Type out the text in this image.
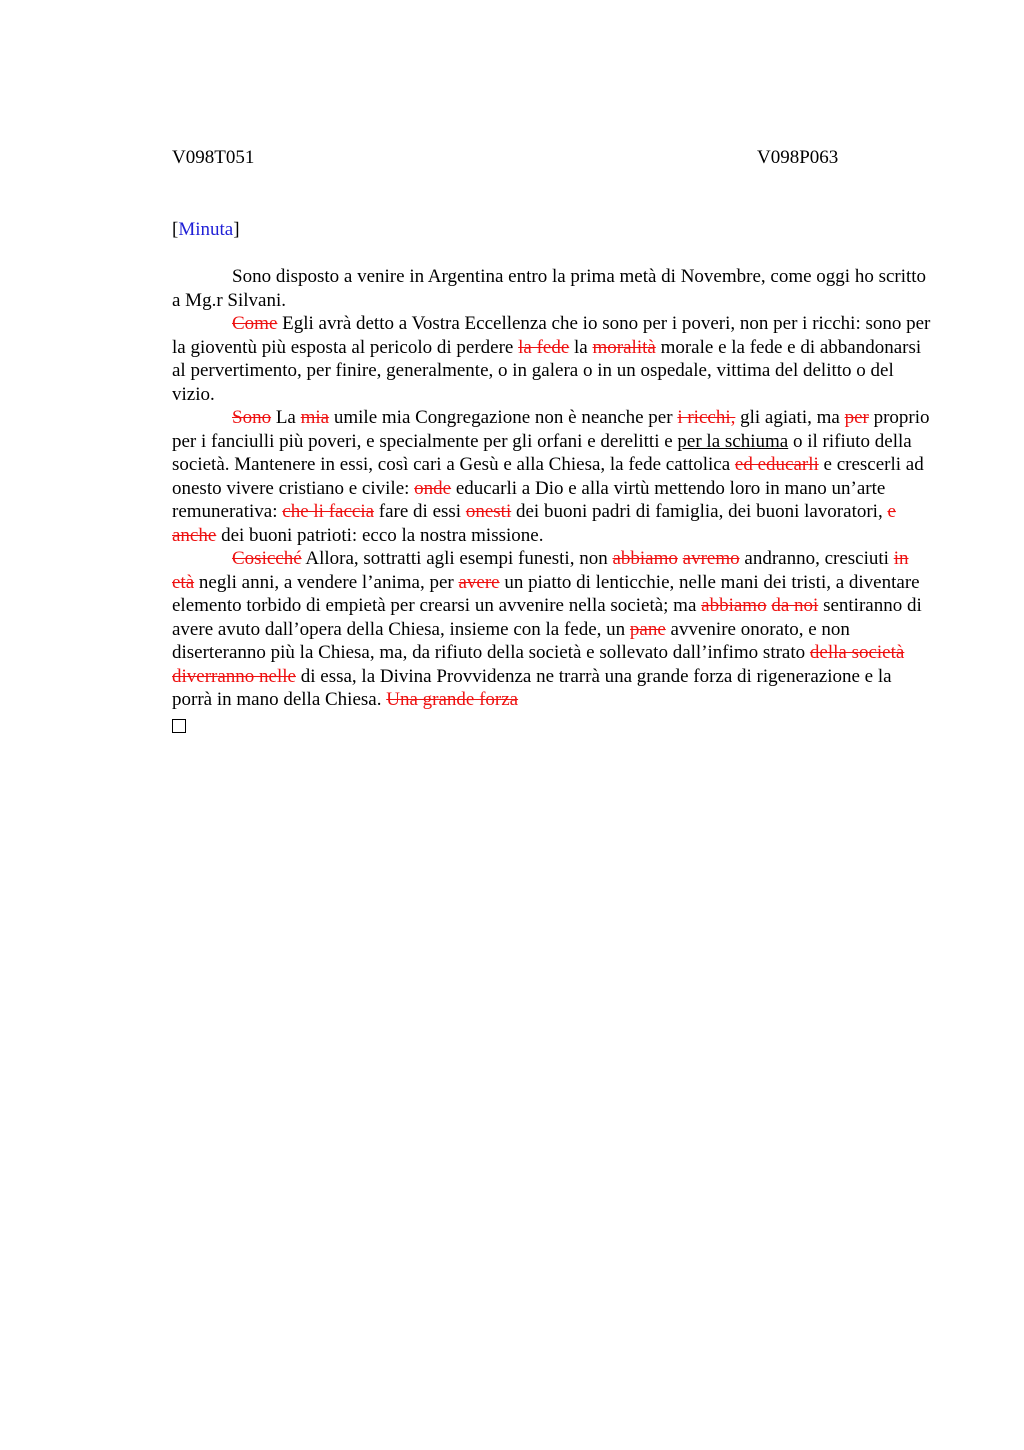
V098T051	V098P063
[Minuta]

Sono disposto a venire in Argentina entro la prima metà di Novembre, come oggi ho scritto a Mg.r Silvani.

Come Egli avrà detto a Vostra Eccellenza che io sono per i poveri, non per i ricchi: sono per la gioventù più esposta al pericolo di perdere la fede la moralità morale e la fede e di abbandonarsi al pervertimento, per finire, generalmente, o in galera o in un ospedale, vittima del delitto o del vizio.

Sono La mia umile mia Congregazione non è neanche per i ricchi, gli agiati, ma per proprio per i fanciulli più poveri, e specialmente per gli orfani e derelitti e per la schiuma o il rifiuto della società. Mantenere in essi, così cari a Gesù e alla Chiesa, la fede cattolica ed educarli e crescerli ad onesto vivere cristiano e civile: onde educarli a Dio e alla virtù mettendo loro in mano un’arte remunerativa: che li faccia fare di essi onesti dei buoni padri di famiglia, dei buoni lavoratori, e anche dei buoni patrioti: ecco la nostra missione.

Cosicché Allora, sottratti agli esempi funesti, non abbiamo avremo andranno, cresciuti in età negli anni, a vendere l’anima, per avere un piatto di lenticchie, nelle mani dei tristi, a diventare elemento torbido di empietà per crearsi un avvenire nella società; ma abbiamo da noi sentiranno di avere avuto dall’opera della Chiesa, insieme con la fede, un pane avvenire onorato, e non diserteranno più la Chiesa, ma, da rifiuto della società e sollevato dall’infimo strato della società diverranno nelle di essa, la Divina Provvidenza ne trarrà una grande forza di rigenerazione e la porrà in mano della Chiesa. Una grande forza
